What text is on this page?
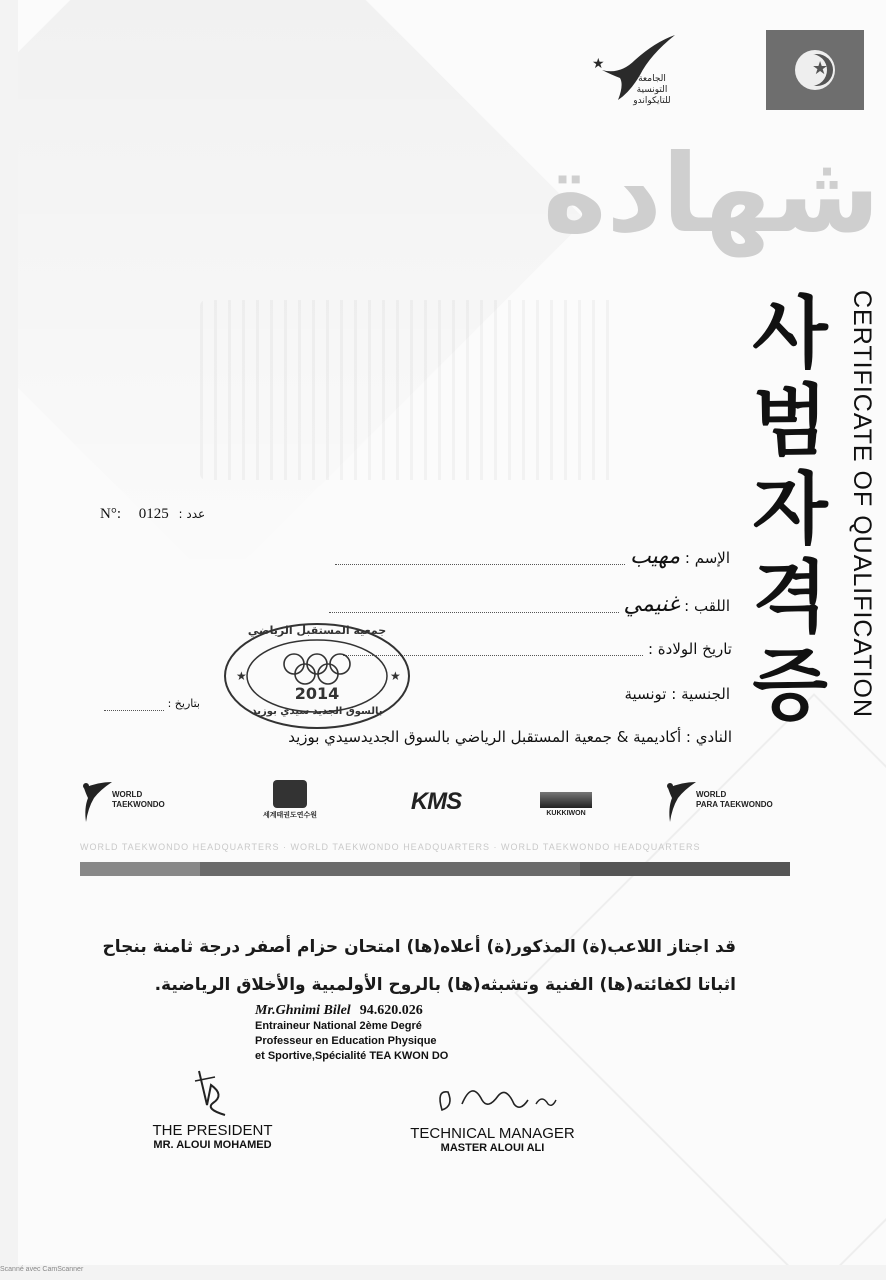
★
الجامعة التونسية للتايكواندو
★
شهادة
사
범
자
격
증 CERTIFICATE OF QUALIFICATION
N°: 0125 : عدد
الإسم : مهيب
اللقب : غنيمي
تاريخ الولادة :
الجنسية : تونسية
بتاريخ :
النادي : أكاديمية & جمعية المستقبل الرياضي بالسوق الجديدسيدي بوزيد
★	★
جمعية المستقبل الرياضي
بالسوق الجديد سيدي بوزيد
2014
WORLD
TAEKWONDO
세계태권도연수원
KMS	KUKKIWON
WORLD
PARA TAEKWONDO
WORLD TAEKWONDO HEADQUARTERS · WORLD TAEKWONDO HEADQUARTERS · WORLD TAEKWONDO HEADQUARTERS
قد اجتاز اللاعب(ة) المذكور(ة) أعلاه(ها) امتحان حزام أصفر درجة ثامنة بنجاح
اثباتا لكفائته(ها) الفنية وتشبثه(ها) بالروح الأولمبية والأخلاق الرياضية.
Mr.Ghnimi Bilel 94.620.026
Entraineur National 2ème Degré
Professeur en Education Physique
et Sportive,Spécialité TEA KWON DO
THE PRESIDENT
MR. ALOUI MOHAMED
TECHNICAL MANAGER
MASTER ALOUI ALI
Scanné avec CamScanner
